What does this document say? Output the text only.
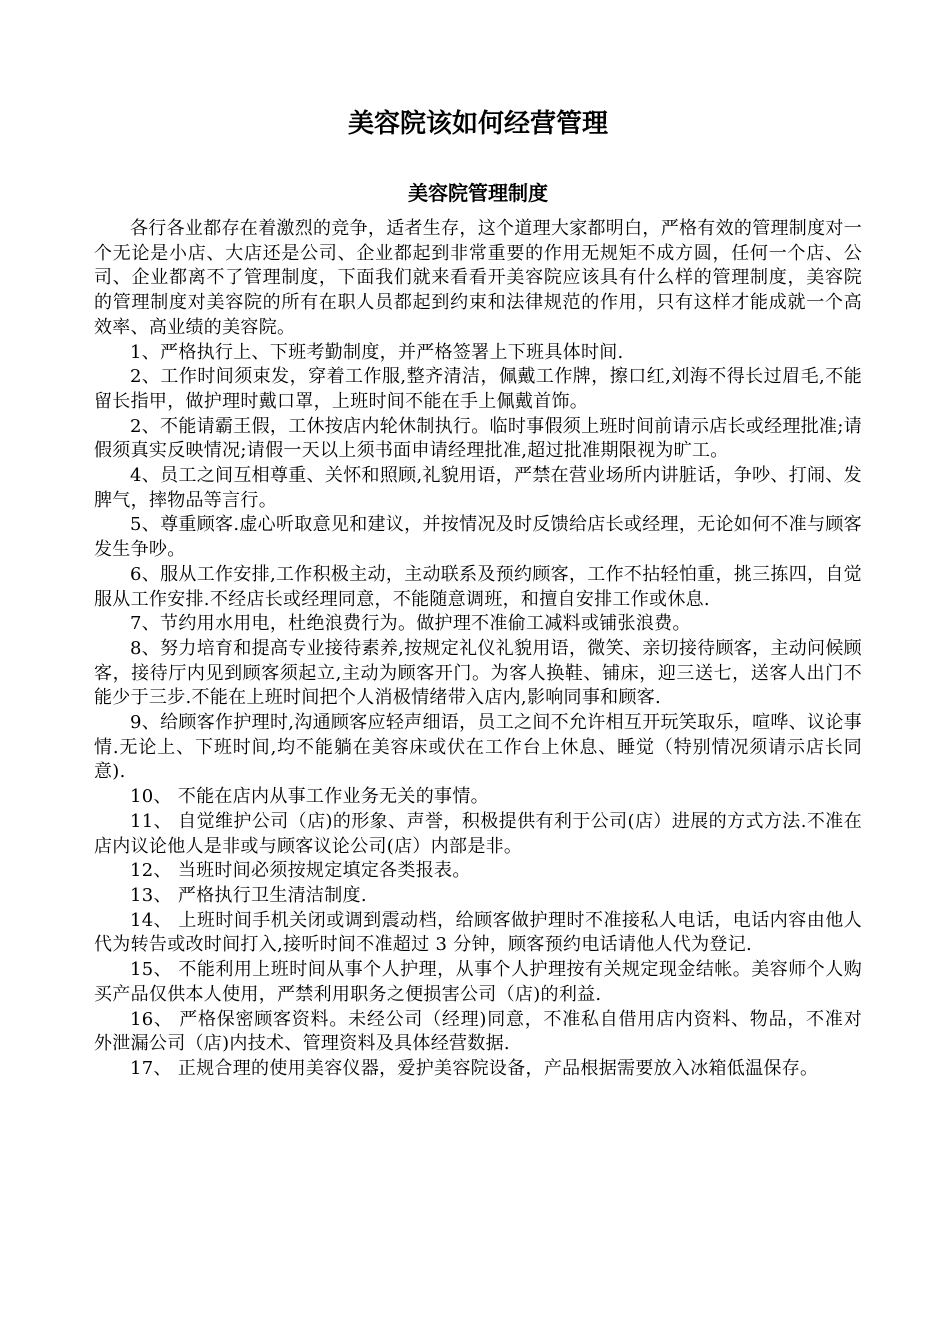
美容院该如何经营管理
美容院管理制度

各行各业都存在着激烈的竞争，适者生存，这个道理大家都明白，严格有效的管理制度对一个无论是小店、大店还是公司、企业都起到非常重要的作用无规矩不成方圆，任何一个店、公司、企业都离不了管理制度，下面我们就来看看开美容院应该具有什么样的管理制度，美容院的管理制度对美容院的所有在职人员都起到约束和法律规范的作用，只有这样才能成就一个高效率、高业绩的美容院。

1、严格执行上、下班考勤制度，并严格签署上下班具体时间.

2、工作时间须束发，穿着工作服,整齐清洁，佩戴工作牌，擦口红,刘海不得长过眉毛,不能留长指甲，做护理时戴口罩，上班时间不能在手上佩戴首饰。

2、不能请霸王假，工休按店内轮休制执行。临时事假须上班时间前请示店长或经理批准;请假须真实反映情况;请假一天以上须书面申请经理批准,超过批准期限视为旷工。

4、员工之间互相尊重、关怀和照顾,礼貌用语，严禁在营业场所内讲脏话，争吵、打闹、发脾气，摔物品等言行。

5、尊重顾客.虚心听取意见和建议，并按情况及时反馈给店长或经理，无论如何不准与顾客发生争吵。

6、服从工作安排,工作积极主动，主动联系及预约顾客，工作不拈轻怕重，挑三拣四，自觉服从工作安排.不经店长或经理同意，不能随意调班，和擅自安排工作或休息.

7、节约用水用电，杜绝浪费行为。做护理不准偷工减料或铺张浪费。

8、努力培育和提高专业接待素养,按规定礼仪礼貌用语，微笑、亲切接待顾客，主动问候顾客，接待厅内见到顾客须起立,主动为顾客开门。为客人换鞋、铺床，迎三送七，送客人出门不能少于三步.不能在上班时间把个人消极情绪带入店内,影响同事和顾客.

9、给顾客作护理时,沟通顾客应轻声细语，员工之间不允许相互开玩笑取乐，喧哗、议论事情.无论上、下班时间,均不能躺在美容床或伏在工作台上休息、睡觉（特别情况须请示店长同意).

10、 不能在店内从事工作业务无关的事情。

11、 自觉维护公司（店)的形象、声誉，积极提供有利于公司(店）进展的方式方法.不准在店内议论他人是非或与顾客议论公司(店）内部是非。

12、 当班时间必须按规定填定各类报表。

13、 严格执行卫生清洁制度.

14、 上班时间手机关闭或调到震动档，给顾客做护理时不准接私人电话，电话内容由他人代为转告或改时间打入,接听时间不准超过 3 分钟，顾客预约电话请他人代为登记.

15、 不能利用上班时间从事个人护理，从事个人护理按有关规定现金结帐。美容师个人购买产品仅供本人使用，严禁利用职务之便损害公司（店)的利益.

16、 严格保密顾客资料。未经公司（经理)同意，不准私自借用店内资料、物品，不准对外泄漏公司（店)内技术、管理资料及具体经营数据.

17、 正规合理的使用美容仪器，爱护美容院设备，产品根据需要放入冰箱低温保存。
